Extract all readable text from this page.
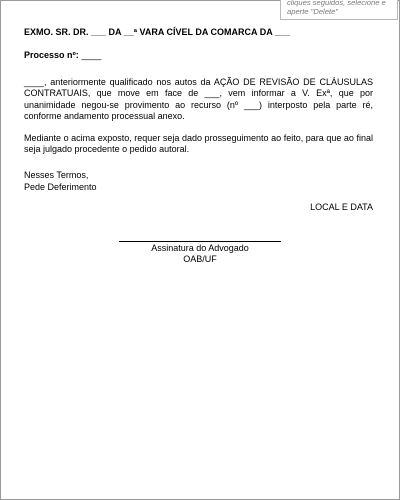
cliques seguidos, selecione e
aperte "Delete"
EXMO. SR. DR. ___ DA __ª VARA CÍVEL DA COMARCA DA ___
Processo nº: ____
____, anteriormente qualificado nos autos da AÇÃO DE REVISÃO DE CLÁUSULAS CONTRATUAIS, que move em face de ___, vem informar a V. Exª, que por unanimidade negou-se provimento ao recurso (nº ___) interposto pela parte ré, conforme andamento processual anexo.
Mediante o acima exposto, requer seja dado prosseguimento ao feito, para que ao final seja julgado procedente o pedido autoral.
Nesses Termos,
Pede Deferimento
LOCAL E DATA
Assinatura do Advogado
OAB/UF
